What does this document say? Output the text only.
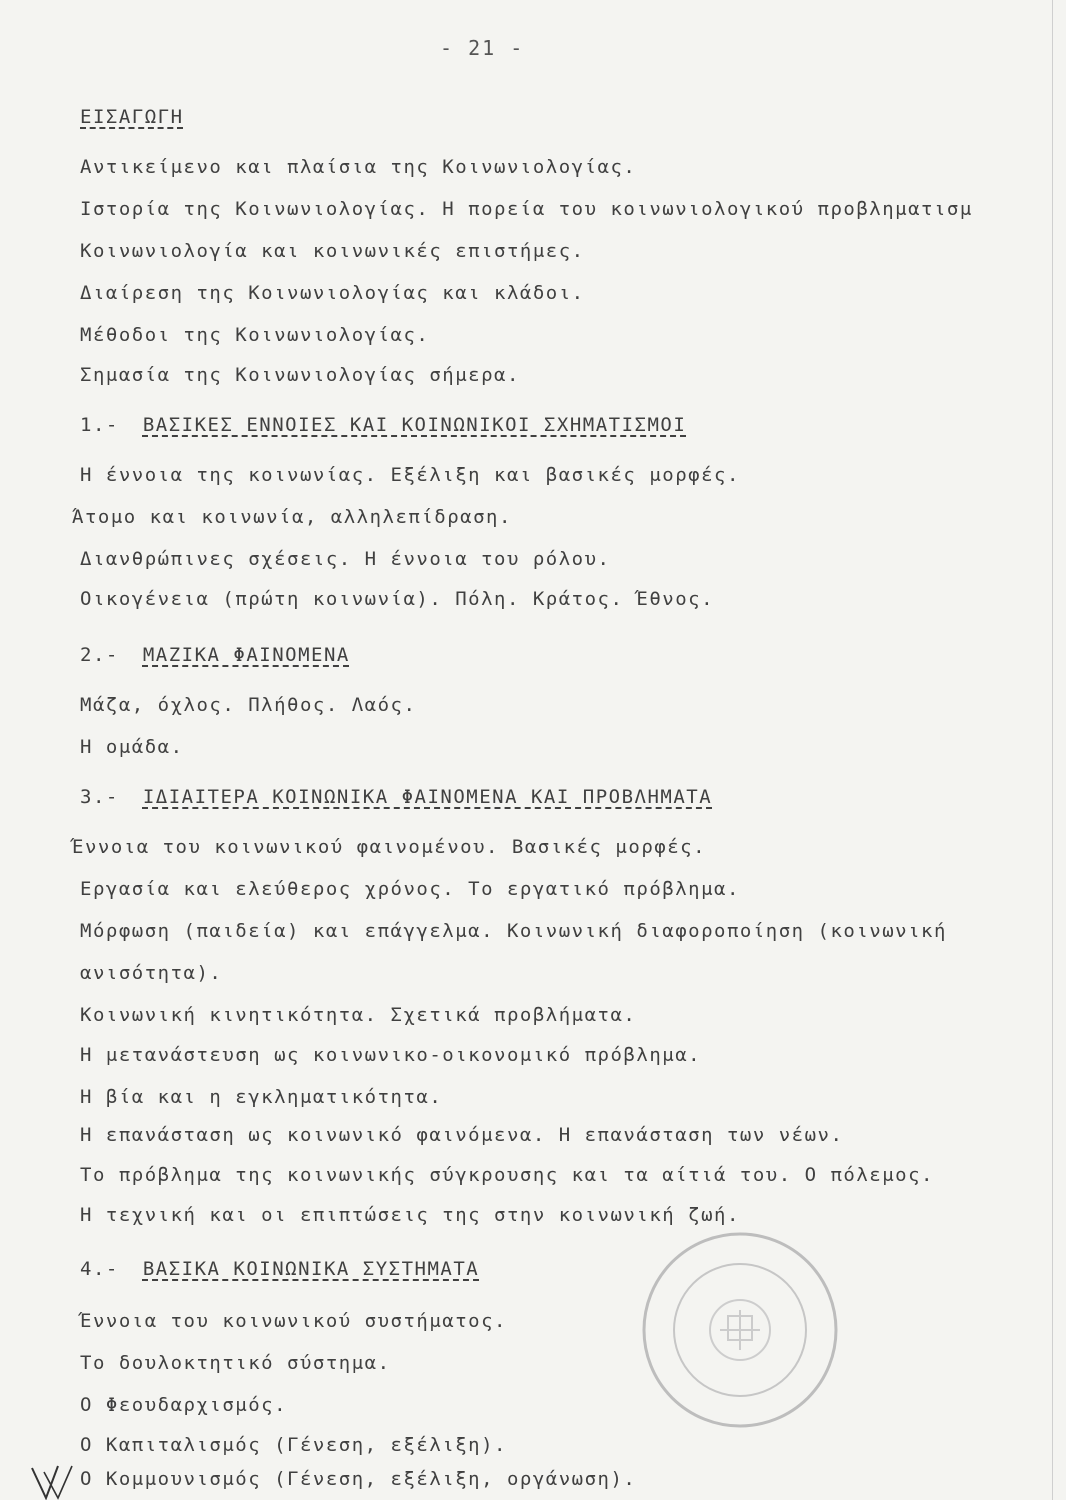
- 21 -
ΕΙΣΑΓΩΓΗ
Αντικείμενο και πλαίσια της Κοινωνιολογίας.
Ιστορία της Κοινωνιολογίας. Η πορεία του κοινωνιολογικού προβληματισμ
Κοινωνιολογία και κοινωνικές επιστήμες.
Διαίρεση της Κοινωνιολογίας και κλάδοι.
Μέθοδοι της Κοινωνιολογίας.
Σημασία της Κοινωνιολογίας σήμερα.
1.- ΒΑΣΙΚΕΣ ΕΝΝΟΙΕΣ ΚΑΙ ΚΟΙΝΩΝΙΚΟΙ ΣΧΗΜΑΤΙΣΜΟΙ
Η έννοια της κοινωνίας. Εξέλιξη και βασικές μορφές.
Άτομο και κοινωνία, αλληλεπίδραση.
Διανθρώπινες σχέσεις. Η έννοια του ρόλου.
Οικογένεια (πρώτη κοινωνία). Πόλη. Κράτος. Έθνος.
2.- ΜΑΖΙΚΑ ΦΑΙΝΟΜΕΝΑ
Μάζα, όχλος. Πλήθος. Λαός.
Η ομάδα.
3.- ΙΔΙΑΙΤΕΡΑ ΚΟΙΝΩΝΙΚΑ ΦΑΙΝΟΜΕΝΑ ΚΑΙ ΠΡΟΒΛΗΜΑΤΑ
Έννοια του κοινωνικού φαινομένου. Βασικές μορφές.
Εργασία και ελεύθερος χρόνος. Το εργατικό πρόβλημα.
Μόρφωση (παιδεία) και επάγγελμα. Κοινωνική διαφοροποίηση (κοινωνική
ανισότητα).
Κοινωνική κινητικότητα. Σχετικά προβλήματα.
Η μετανάστευση ως κοινωνικο-οικονομικό πρόβλημα.
Η βία και η εγκληματικότητα.
Η επανάσταση ως κοινωνικό φαινόμενα. Η επανάσταση των νέων.
Το πρόβλημα της κοινωνικής σύγκρουσης και τα αίτιά του. Ο πόλεμος.
Η τεχνική και οι επιπτώσεις της στην κοινωνική ζωή.
4.- ΒΑΣΙΚΑ ΚΟΙΝΩΝΙΚΑ ΣΥΣΤΗΜΑΤΑ
Έννοια του κοινωνικού συστήματος.
Το δουλοκτητικό σύστημα.
Ο Φεουδαρχισμός.
Ο Καπιταλισμός (Γένεση, εξέλιξη).
Ο Κομμουνισμός (Γένεση, εξέλιξη, οργάνωση).
